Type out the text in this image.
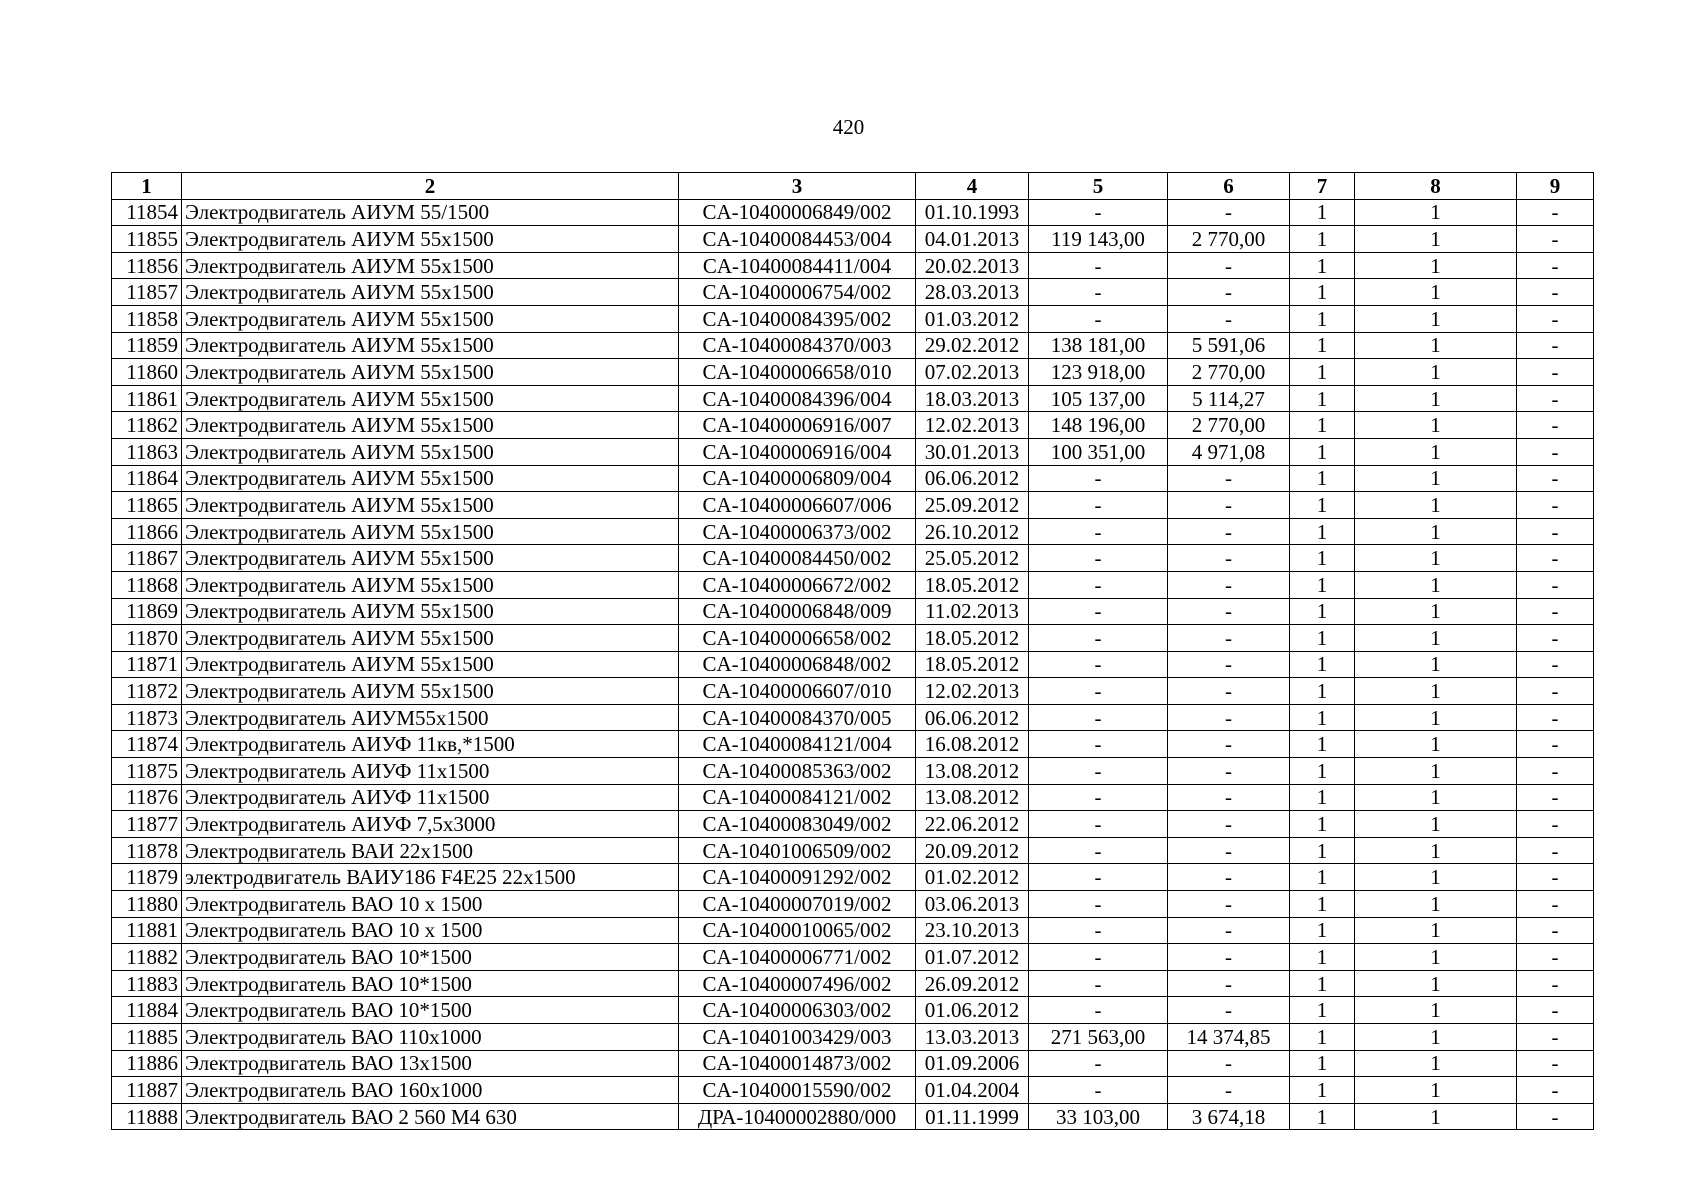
420
1	2	3	4	5	6	7	8	9
11854	Электродвигатель АИУМ 55/1500	CA-10400006849/002	01.10.1993	-	-	1	1	-
11855	Электродвигатель АИУМ 55х1500	CA-10400084453/004	04.01.2013	119 143,00	2 770,00	1	1	-
11856	Электродвигатель АИУМ 55х1500	CA-10400084411/004	20.02.2013	-	-	1	1	-
11857	Электродвигатель АИУМ 55х1500	CA-10400006754/002	28.03.2013	-	-	1	1	-
11858	Электродвигатель АИУМ 55х1500	CA-10400084395/002	01.03.2012	-	-	1	1	-
11859	Электродвигатель АИУМ 55х1500	CA-10400084370/003	29.02.2012	138 181,00	5 591,06	1	1	-
11860	Электродвигатель АИУМ 55х1500	CA-10400006658/010	07.02.2013	123 918,00	2 770,00	1	1	-
11861	Электродвигатель АИУМ 55х1500	CA-10400084396/004	18.03.2013	105 137,00	5 114,27	1	1	-
11862	Электродвигатель АИУМ 55х1500	CA-10400006916/007	12.02.2013	148 196,00	2 770,00	1	1	-
11863	Электродвигатель АИУМ 55х1500	CA-10400006916/004	30.01.2013	100 351,00	4 971,08	1	1	-
11864	Электродвигатель АИУМ 55х1500	CA-10400006809/004	06.06.2012	-	-	1	1	-
11865	Электродвигатель АИУМ 55х1500	CA-10400006607/006	25.09.2012	-	-	1	1	-
11866	Электродвигатель АИУМ 55х1500	CA-10400006373/002	26.10.2012	-	-	1	1	-
11867	Электродвигатель АИУМ 55х1500	CA-10400084450/002	25.05.2012	-	-	1	1	-
11868	Электродвигатель АИУМ 55х1500	CA-10400006672/002	18.05.2012	-	-	1	1	-
11869	Электродвигатель АИУМ 55х1500	CA-10400006848/009	11.02.2013	-	-	1	1	-
11870	Электродвигатель АИУМ 55х1500	CA-10400006658/002	18.05.2012	-	-	1	1	-
11871	Электродвигатель АИУМ 55х1500	CA-10400006848/002	18.05.2012	-	-	1	1	-
11872	Электродвигатель АИУМ 55х1500	CA-10400006607/010	12.02.2013	-	-	1	1	-
11873	Электродвигатель АИУМ55х1500	CA-10400084370/005	06.06.2012	-	-	1	1	-
11874	Электродвигатель АИУФ 11кв,*1500	CA-10400084121/004	16.08.2012	-	-	1	1	-
11875	Электродвигатель АИУФ 11х1500	CA-10400085363/002	13.08.2012	-	-	1	1	-
11876	Электродвигатель АИУФ 11х1500	CA-10400084121/002	13.08.2012	-	-	1	1	-
11877	Электродвигатель АИУФ 7,5х3000	CA-10400083049/002	22.06.2012	-	-	1	1	-
11878	Электродвигатель ВАИ 22х1500	CA-10401006509/002	20.09.2012	-	-	1	1	-
11879	электродвигатель ВАИУ186 F4E25 22х1500	CA-10400091292/002	01.02.2012	-	-	1	1	-
11880	Электродвигатель ВАО 10 х 1500	CA-10400007019/002	03.06.2013	-	-	1	1	-
11881	Электродвигатель ВАО 10 х 1500	CA-10400010065/002	23.10.2013	-	-	1	1	-
11882	Электродвигатель ВАО 10*1500	CA-10400006771/002	01.07.2012	-	-	1	1	-
11883	Электродвигатель ВАО 10*1500	CA-10400007496/002	26.09.2012	-	-	1	1	-
11884	Электродвигатель ВАО 10*1500	CA-10400006303/002	01.06.2012	-	-	1	1	-
11885	Электродвигатель ВАО 110х1000	CA-10401003429/003	13.03.2013	271 563,00	14 374,85	1	1	-
11886	Электродвигатель ВАО 13х1500	CA-10400014873/002	01.09.2006	-	-	1	1	-
11887	Электродвигатель ВАО 160х1000	CA-10400015590/002	01.04.2004	-	-	1	1	-
11888	Электродвигатель ВАО 2 560 М4 630	ДРА-10400002880/000	01.11.1999	33 103,00	3 674,18	1	1	-
